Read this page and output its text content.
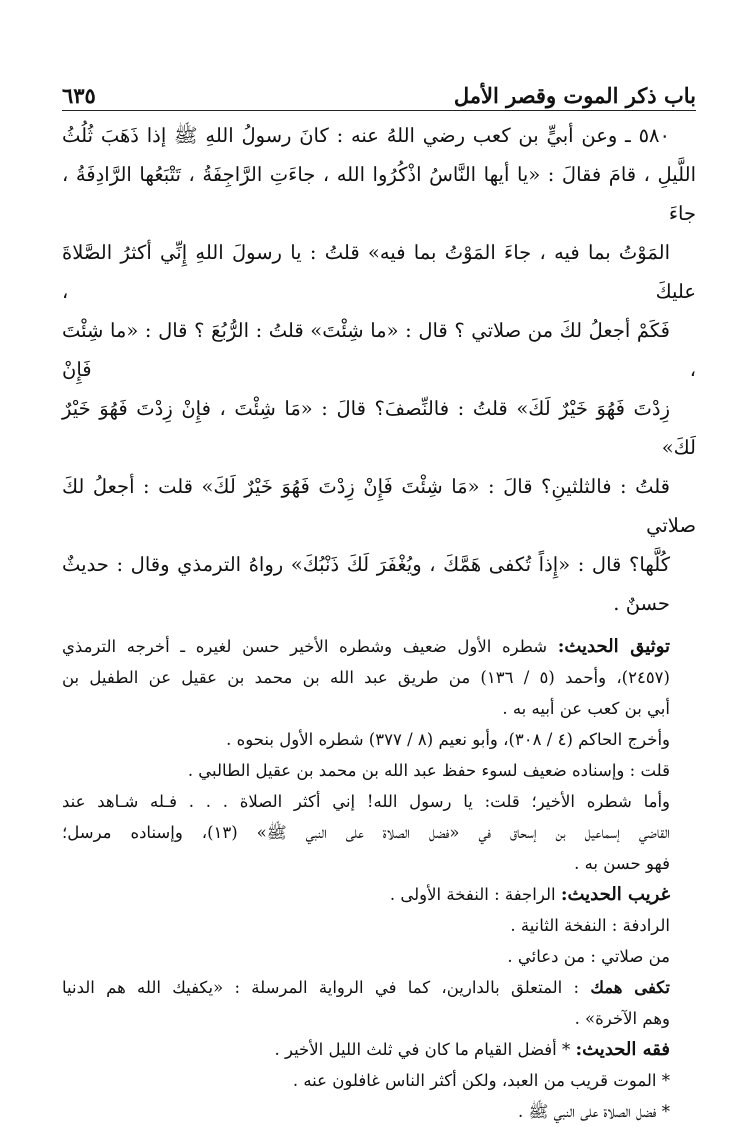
باب ذكر الموت وقصر الأمل
٦٣٥

٥٨٠ ـ وعن أبيٍّ بن كعب رضي اللهُ عنه : كانَ رسولُ اللهِ ﷺ إذا ذَهَبَ ثُلُثُ
اللَّيلِ ، قامَ فقالَ : «يا أيها النَّاسُ اذْكُرُوا الله ، جاءَتِ الرَّاجِفَةُ ، تَتْبَعُها الرَّادِفَةُ ، جاءَ
المَوْتُ بما فيه ، جاءَ المَوْتُ بما فيه» قلتُ : يا رسولَ اللهِ إِنِّي أكثرُ الصَّلاةَ عليكَ ،
فَكَمْ أجعلُ لكَ من صلاتي ؟ قال : «ما شِئْتَ» قلتُ : الرُّبُعَ ؟ قال : «ما شِئْتَ ، فَإِنْ
زِدْتَ فَهُوَ خَيْرٌ لَكَ» قلتُ : فالنِّصفَ؟ قالَ : «مَا شِئْتَ ، فإِنْ زِدْتَ فَهُوَ خَيْرٌ لَكَ»
قلتُ : فالثلثينِ؟ قالَ : «مَا شِئْتَ فَإِنْ زِدْتَ فَهُوَ خَيْرٌ لَكَ» قلت : أجعلُ لكَ صلاتي
كُلَّها؟ قال : «إِذاً تُكفى هَمَّكَ ، ويُغْفَرَ لَكَ ذَنْبُكَ» رواهُ الترمذي وقال : حديثٌ
حسنٌ .

توثيق الحديث: شطره الأول ضعيف وشطره الأخير حسن لغيره ـ أخرجه الترمذي
(٢٤٥٧)، وأحمد (٥ / ١٣٦) من طريق عبد الله بن محمد بن عقيل عن الطفيل بن
أبي بن كعب عن أبيه به .

وأخرج الحاكم (٤ / ٣٠٨)، وأبو نعيم (٨ / ٣٧٧) شطره الأول بنحوه .

قلت : وإسناده ضعيف لسوء حفظ عبد الله بن محمد بن عقيل الطالبي .

وأما شطره الأخير؛ قلت: يا رسول الله! إني أكثر الصلاة . . . فـله شـاهد عند
القاضي إسماعيل بن إسحاق في «فضل الصلاة على النبي ﷺ» (١٣)، وإسناده مرسل؛
فهو حسن به .

غريب الحديث: الراجفة : النفخة الأولى .

الرادفة : النفخة الثانية .

من صلاتي : من دعائي .

تكفى همك : المتعلق بالدارين، كما في الرواية المرسلة : «يكفيك الله هم الدنيا
وهم الآخرة» .

فقه الحديث: * أفضل القيام ما كان في ثلث الليل الأخير .

* الموت قريب من العبد، ولكن أكثر الناس غافلون عنه .

* فضل الصلاة على النبي ﷺ .
